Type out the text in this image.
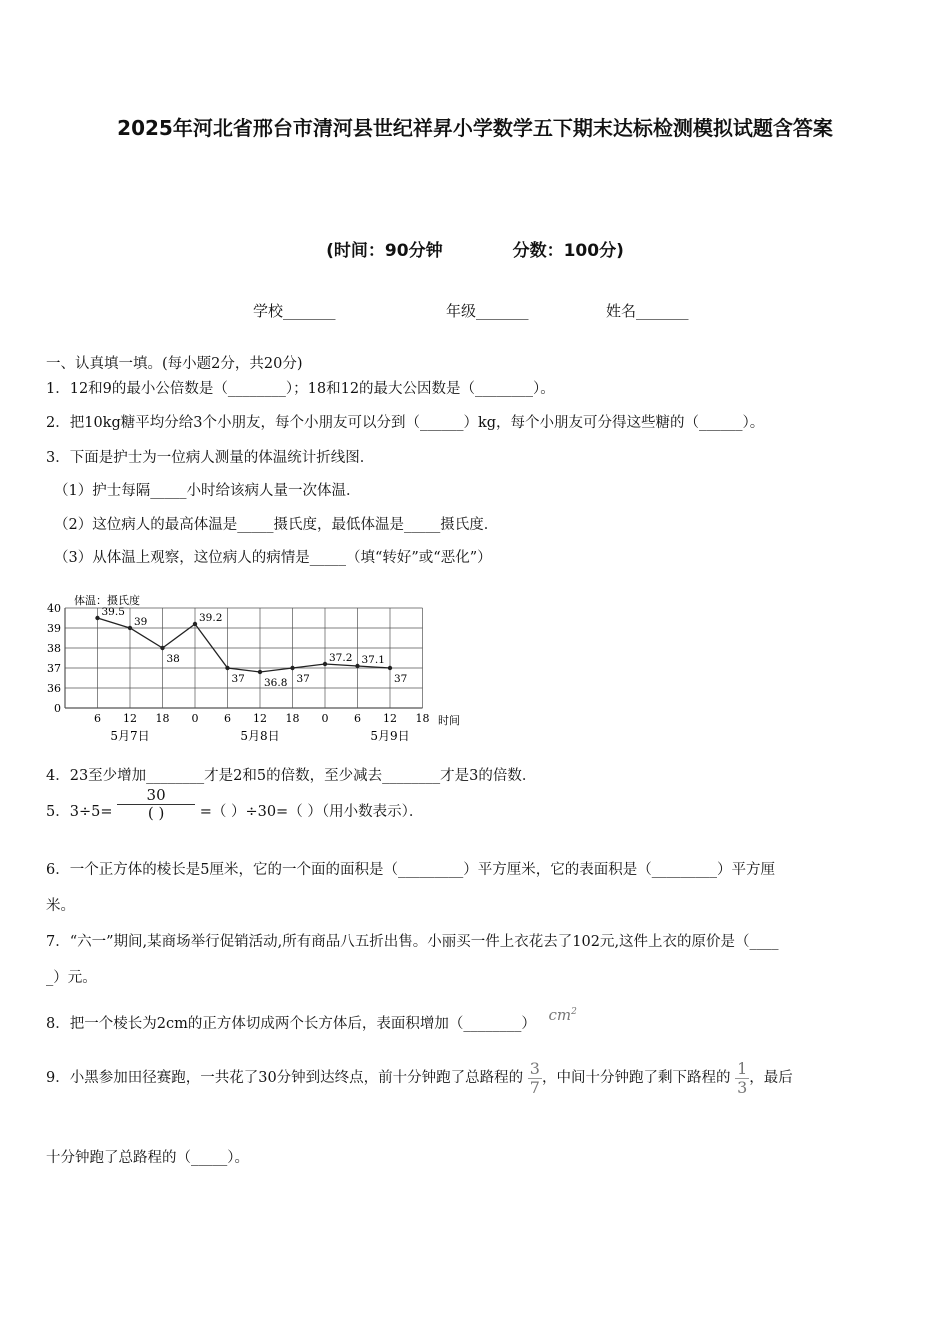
2025年河北省邢台市清河县世纪祥昇小学数学五下期末达标检测模拟试题含答案
(时间：90分钟	分数：100分)
学校_______	年级_______	姓名_______
一、认真填一填。(每小题2分，共20分)
1．12和9的最小公倍数是（________）；18和12的最大公因数是（________）。
2．把10kg糖平均分给3个小朋友，每个小朋友可以分到（______）kg，每个小朋友可分得这些糖的（______）。
3．下面是护士为一位病人测量的体温统计折线图．
（1）护士每隔_____小时给该病人量一次体温．
（2）这位病人的最高体温是_____摄氏度，最低体温是_____摄氏度．
（3）从体温上观察，这位病人的病情是_____（填“转好”或“恶化”）
体温：摄氏度
0
36
37
38
39
40
6 12 18 0 6 12 18 0 6 12 18
5月7日	5月8日	5月9日
时间
39.5
39
38
39.2
37 36.8 37
37.2 37.1
37
4．23至少增加________才是2和5的倍数，至少减去________才是3的倍数．
5．$3\div 5= \frac{30}{( )}$ =（ ）÷30=（ ）（用小数表示）．
6．一个正方体的棱长是5厘米，它的一个面的面积是（_________）平方厘米，它的表面积是（_________）平方厘
米。
7．“六一”期间,某商场举行促销活动,所有商品八五折出售。小丽买一件上衣花去了102元,这件上衣的原价是（____
_）元。
8．把一个棱长为2cm的正方体切成两个长方体后，表面积增加（________） $cm^2$
9．小黑参加田径赛跑，一共花了30分钟到达终点，前十分钟跑了总路程的 $\frac{3}{7}$ ，中间十分钟跑了剩下路程的 $\frac{1}{3}$ ，最后
十分钟跑了总路程的（_____）。
